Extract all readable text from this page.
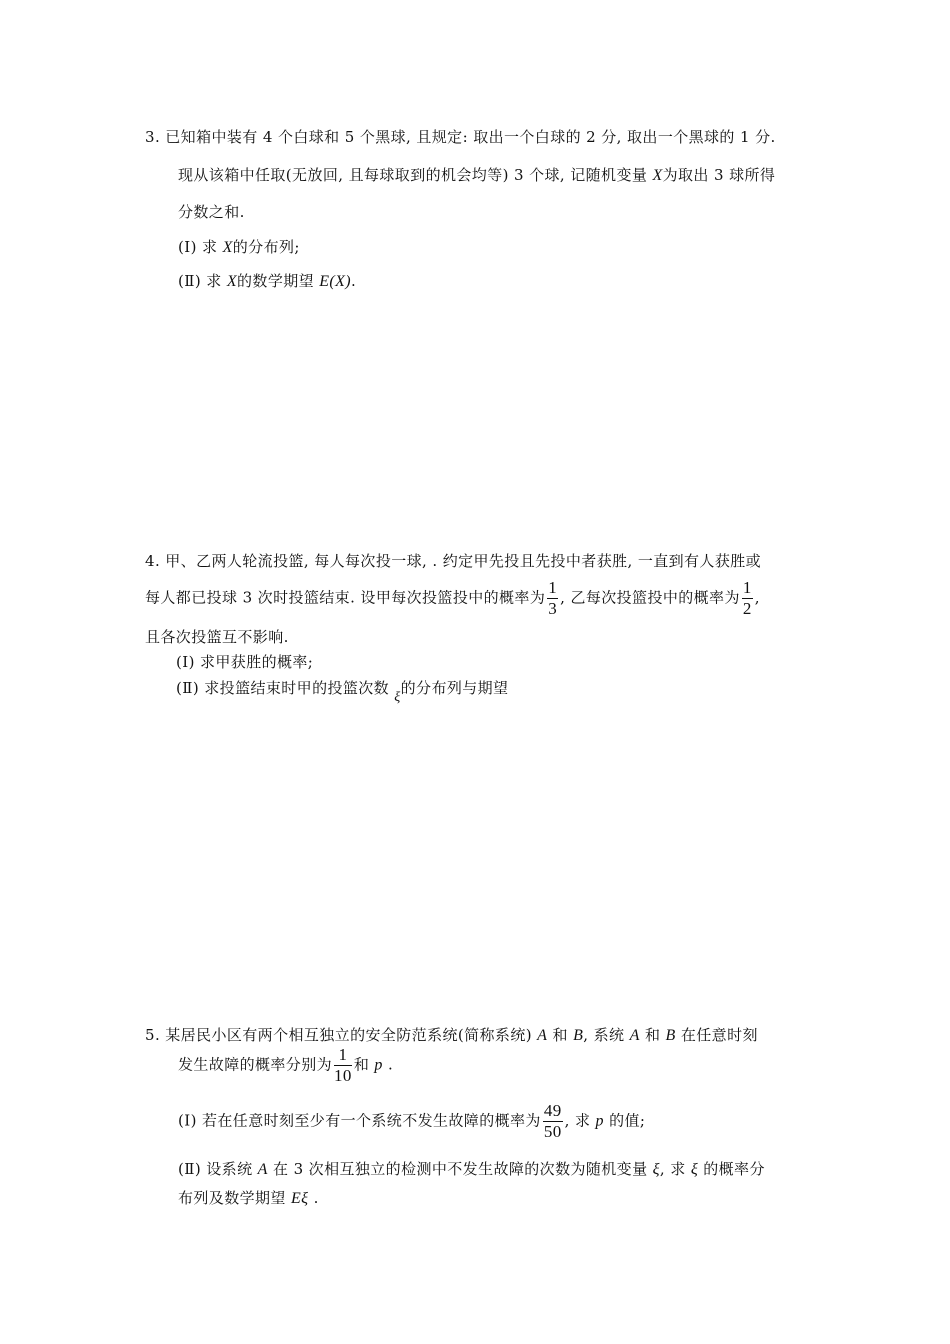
3. 已知箱中装有 4 个白球和 5 个黑球, 且规定: 取出一个白球的 2 分, 取出一个黑球的 1 分.
现从该箱中任取(无放回, 且每球取到的机会均等) 3 个球, 记随机变量 X为取出 3 球所得
分数之和.
(Ⅰ) 求 X的分布列;
(Ⅱ) 求 X的数学期望 E(X).
4. 甲、乙两人轮流投篮, 每人每次投一球, . 约定甲先投且先投中者获胜, 一直到有人获胜或
每人都已投球 3 次时投篮结束. 设甲每次投篮投中的概率为 $\frac{1}{3}$ , 乙每次投篮投中的概率为 $\frac{1}{2}$ ,
且各次投篮互不影响.
(Ⅰ) 求甲获胜的概率;
(Ⅱ) 求投篮结束时甲的投篮次数 ξ的分布列与期望
5. 某居民小区有两个相互独立的安全防范系统(简称系统) A 和 B, 系统 A 和 B 在任意时刻
发生故障的概率分别为 $\frac{1}{10}$ 和 p .
(Ⅰ) 若在任意时刻至少有一个系统不发生故障的概率为 $\frac{49}{50}$ , 求 p 的值;
(Ⅱ) 设系统 A 在 3 次相互独立的检测中不发生故障的次数为随机变量 ξ, 求 ξ 的概率分
布列及数学期望 Eξ .
